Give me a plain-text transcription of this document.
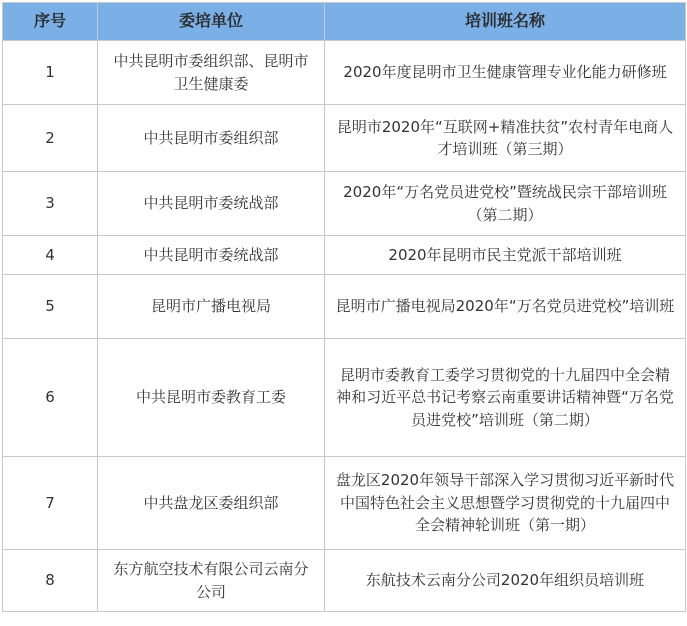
序号	委培单位	培训班名称
1	中共昆明市委组织部、昆明市卫生健康委	2020年度昆明市卫生健康管理专业化能力研修班
2	中共昆明市委组织部	昆明市2020年“互联网+精准扶贫”农村青年电商人才培训班（第三期）
3	中共昆明市委统战部	2020年“万名党员进党校”暨统战民宗干部培训班（第二期）
4	中共昆明市委统战部	2020年昆明市民主党派干部培训班
5	昆明市广播电视局	昆明市广播电视局2020年“万名党员进党校”培训班
6	中共昆明市委教育工委	昆明市委教育工委学习贯彻党的十九届四中全会精神和习近平总书记考察云南重要讲话精神暨“万名党员进党校”培训班（第二期）
7	中共盘龙区委组织部	盘龙区2020年领导干部深入学习贯彻习近平新时代中国特色社会主义思想暨学习贯彻党的十九届四中全会精神轮训班（第一期）
8	东方航空技术有限公司云南分公司	东航技术云南分公司2020年组织员培训班
